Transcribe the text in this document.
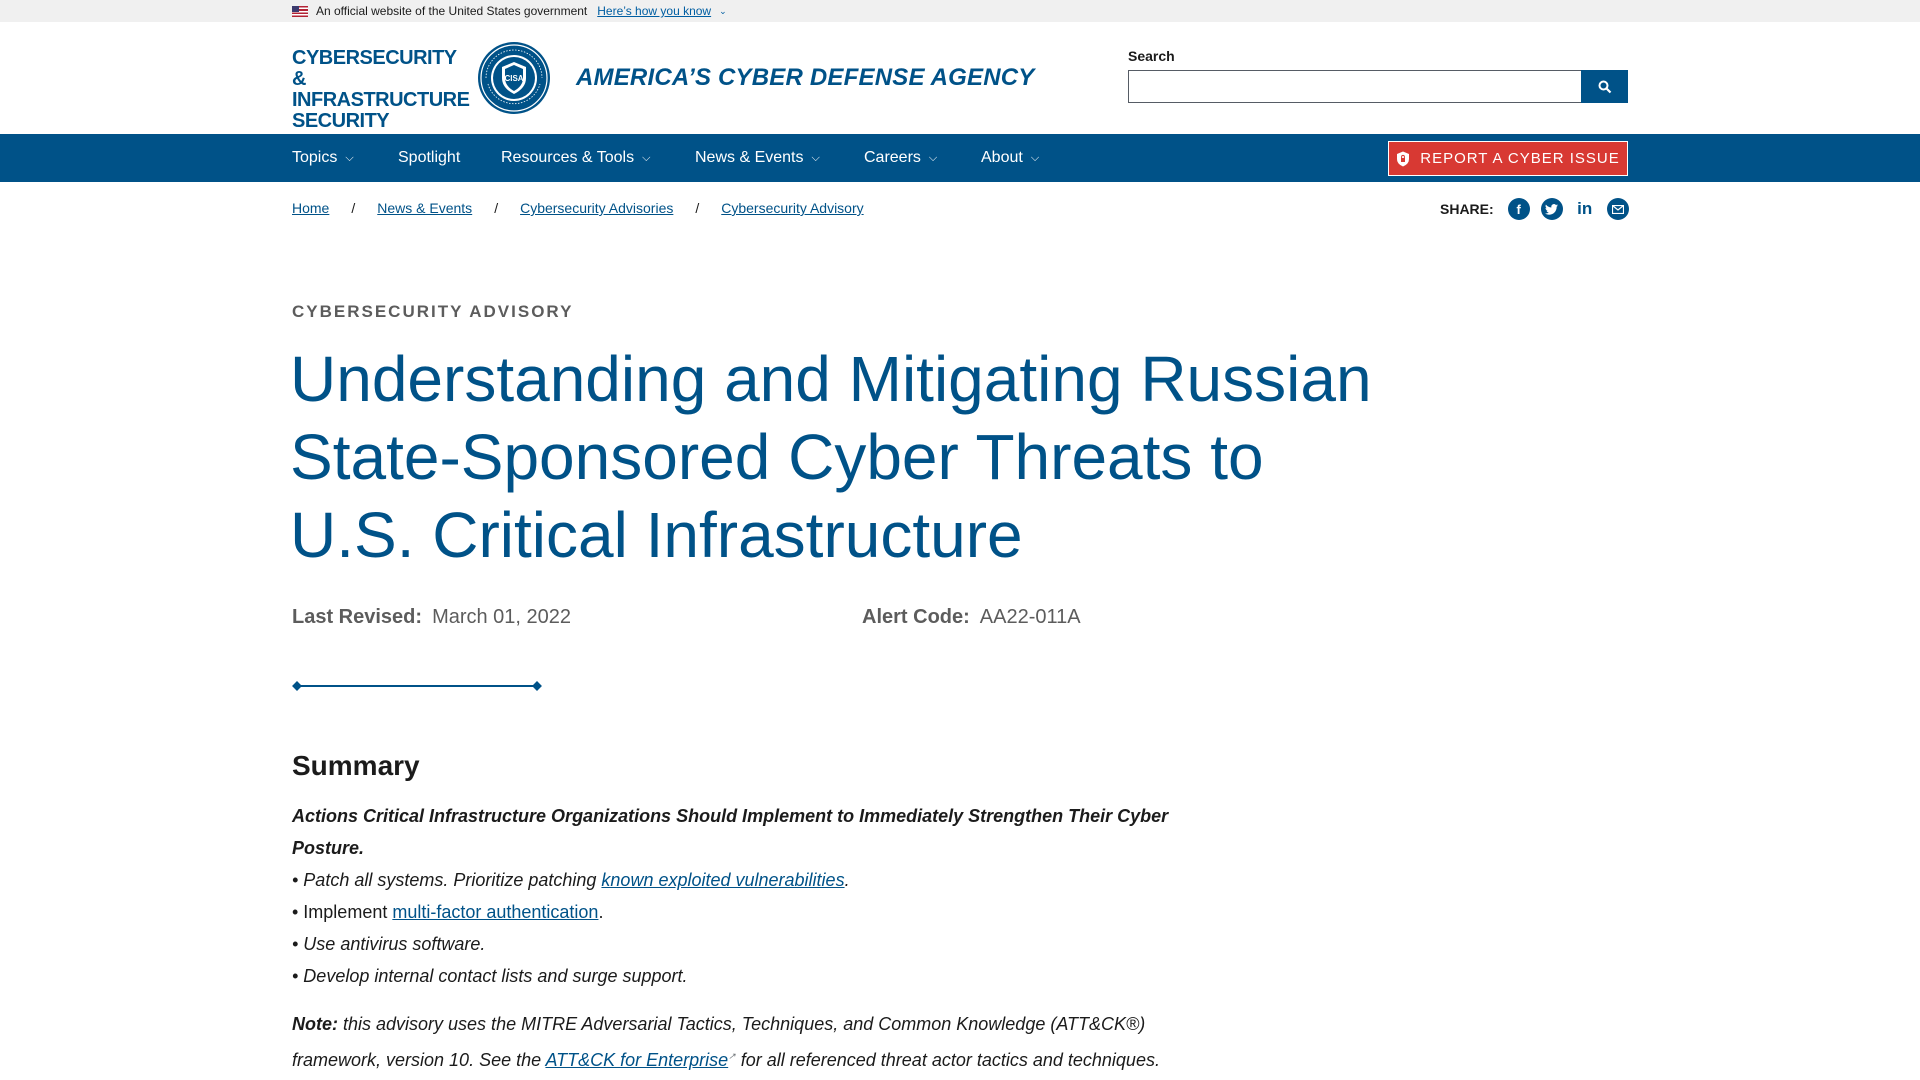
An official website of the United States government Here’s how you know ⌄
CYBERSECURITY &
INFRASTRUCTURE
SECURITY
CISA AMERICA’S CYBER DEFENSE AGENCY
Search
Topics ⌵	Spotlight	Resources & Tools ⌵	News & Events ⌵	Careers ⌵	About ⌵	REPORT A CYBER ISSUE
Home / News & Events / Cybersecurity Advisories / Cybersecurity Advisory	SHARE:	f	in
CYBERSECURITY ADVISORY
Understanding and Mitigating Russian
State-Sponsored Cyber Threats to
U.S. Critical Infrastructure
Last Revised: March 01, 2022	Alert Code: AA22-011A
Summary
Actions Critical Infrastructure Organizations Should Implement to Immediately Strengthen Their Cyber Posture.
• Patch all systems. Prioritize patching known exploited vulnerabilities.
• Implement multi-factor authentication.
• Use antivirus software.
• Develop internal contact lists and surge support.
Note: this advisory uses the MITRE Adversarial Tactics, Techniques, and Common Knowledge (ATT&CK®) framework, version 10. See the ATT&CK for Enterprise↗ for all referenced threat actor tactics and techniques.
